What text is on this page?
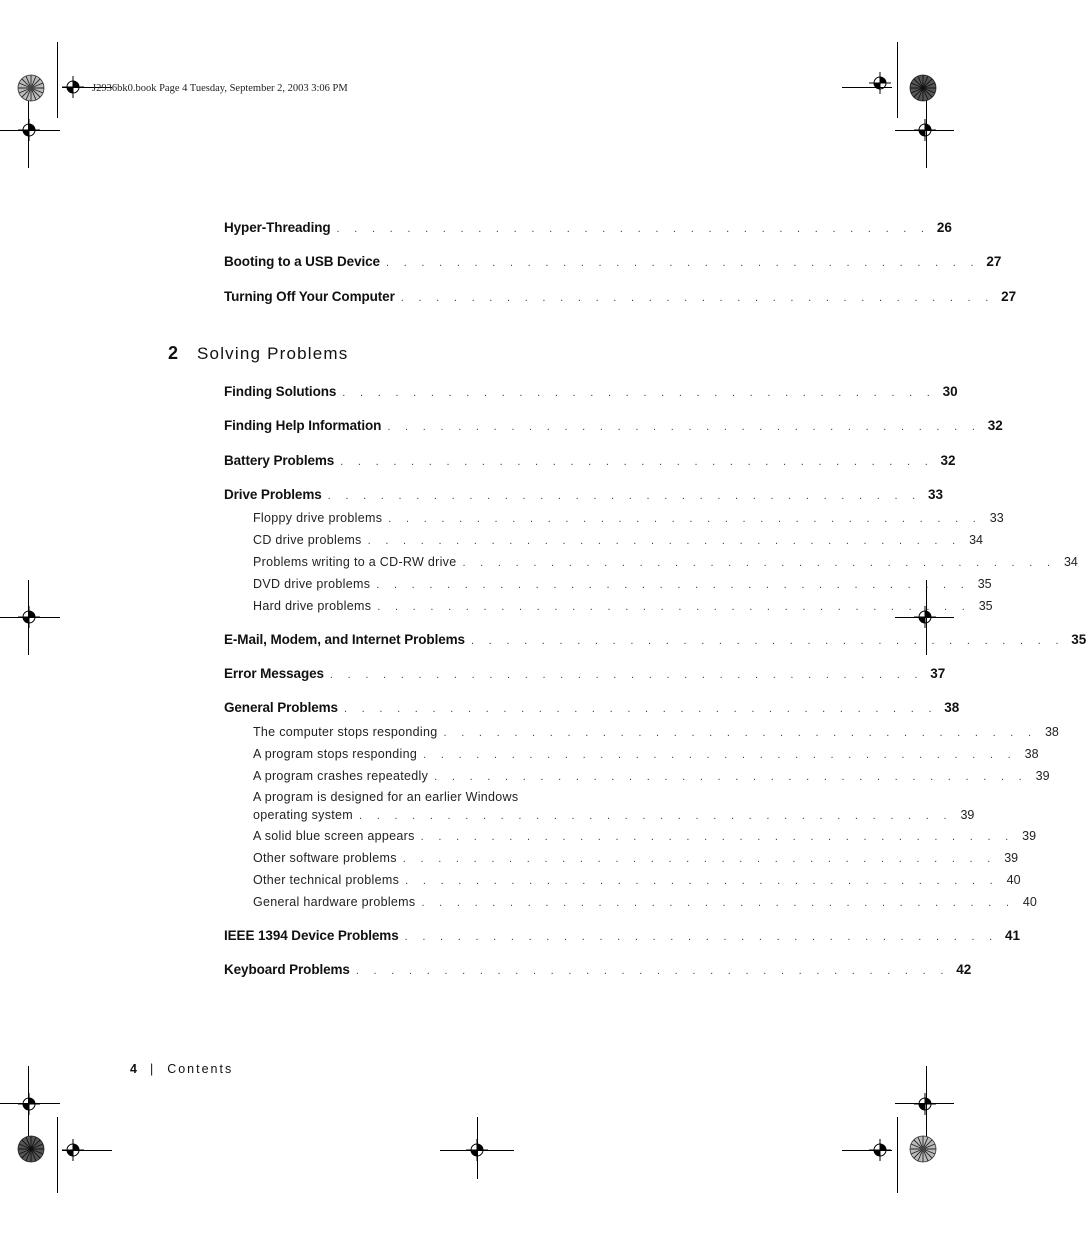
J2936bk0.book Page 4 Tuesday, September 2, 2003 3:06 PM
Hyper-Threading . . . . . . . . . . . . . . . . . . . . . . . . . . . . . . . . . . 26
Booting to a USB Device . . . . . . . . . . . . . . . . . . . . . . . . . . . . . . . . . . 27
Turning Off Your Computer . . . . . . . . . . . . . . . . . . . . . . . . . . . . . . . . . . 27
2	Solving Problems
Finding Solutions . . . . . . . . . . . . . . . . . . . . . . . . . . . . . . . . . . 30
Finding Help Information . . . . . . . . . . . . . . . . . . . . . . . . . . . . . . . . . . 32
Battery Problems . . . . . . . . . . . . . . . . . . . . . . . . . . . . . . . . . . 32
Drive Problems . . . . . . . . . . . . . . . . . . . . . . . . . . . . . . . . . . 33
Floppy drive problems . . . . . . . . . . . . . . . . . . . . . . . . . . . . . . . . . . 33
CD drive problems . . . . . . . . . . . . . . . . . . . . . . . . . . . . . . . . . . 34
Problems writing to a CD-RW drive . . . . . . . . . . . . . . . . . . . . . . . . . . . . . . . . . . 34
DVD drive problems . . . . . . . . . . . . . . . . . . . . . . . . . . . . . . . . . . 35
Hard drive problems . . . . . . . . . . . . . . . . . . . . . . . . . . . . . . . . . . 35
E-Mail, Modem, and Internet Problems . . . . . . . . . . . . . . . . . . . . . . . . . . . . . . . . . . 35
Error Messages . . . . . . . . . . . . . . . . . . . . . . . . . . . . . . . . . . 37
General Problems . . . . . . . . . . . . . . . . . . . . . . . . . . . . . . . . . . 38
The computer stops responding . . . . . . . . . . . . . . . . . . . . . . . . . . . . . . . . . . 38
A program stops responding . . . . . . . . . . . . . . . . . . . . . . . . . . . . . . . . . . 38
A program crashes repeatedly . . . . . . . . . . . . . . . . . . . . . . . . . . . . . . . . . . 39
A program is designed for an earlier Windows
operating system . . . . . . . . . . . . . . . . . . . . . . . . . . . . . . . . . . 39
A solid blue screen appears . . . . . . . . . . . . . . . . . . . . . . . . . . . . . . . . . . 39
Other software problems . . . . . . . . . . . . . . . . . . . . . . . . . . . . . . . . . . 39
Other technical problems . . . . . . . . . . . . . . . . . . . . . . . . . . . . . . . . . . 40
General hardware problems . . . . . . . . . . . . . . . . . . . . . . . . . . . . . . . . . . 40
IEEE 1394 Device Problems . . . . . . . . . . . . . . . . . . . . . . . . . . . . . . . . . . 41
Keyboard Problems . . . . . . . . . . . . . . . . . . . . . . . . . . . . . . . . . . 42
4 | Contents
